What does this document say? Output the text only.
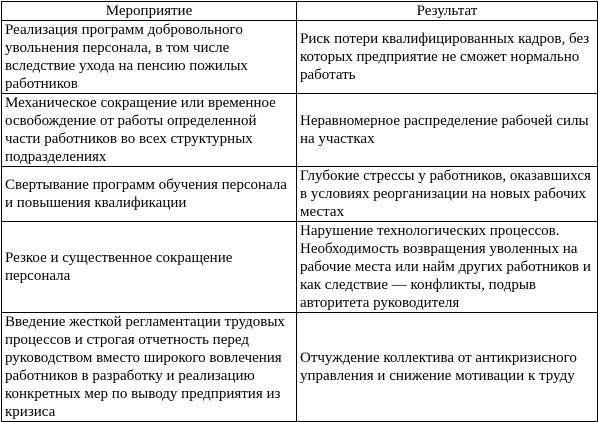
Мероприятие	Результат
Реализация программ добровольного увольнения персонала, в том числе вследствие ухода на пенсию пожилых работников	Риск потери квалифицированных кадров, без которых предприятие не сможет нормально работать
Механическое сокращение или временное освобождение от работы определенной части работников во всех структурных подразделениях	Неравномерное распределение рабочей силы на участках
Свертывание программ обучения персонала и повышения квалификации	Глубокие стрессы у работников, оказавшихся в условиях реорганизации на новых рабочих местах
Резкое и существенное сокращение персонала	Нарушение технологических процессов. Необходимость возвращения уволенных на рабочие места или найм других работников и как следствие — конфликты, подрыв авторитета руководителя
Введение жесткой регламентации трудовых процессов и строгая отчетность перед руководством вместо широкого вовлечения работников в разработку и реализацию конкретных мер по выводу предприятия из кризиса	Отчуждение коллектива от антикризисного управления и снижение мотивации к труду
